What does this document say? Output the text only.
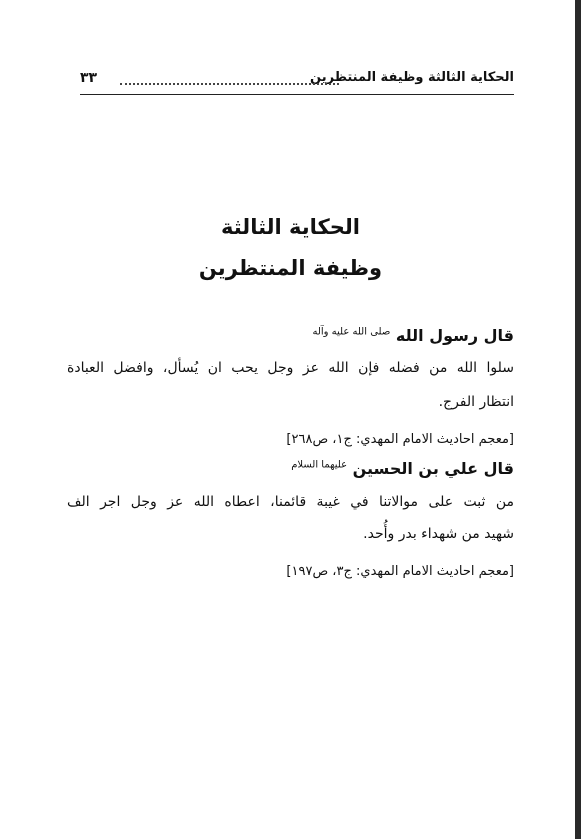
الحكاية الثالثة وظيفة المنتظرين
٣٣
الحكاية الثالثة
وظيفة المنتظرين
قال رسول الله $^{صلى الله عليه وآله}$
سلوا الله من فضله فإن الله عز وجل يحب ان يُسأل، وافضل العبادة
انتظار الفرج.
[معجم احاديث الامام المهدي: ج١، ص٢٦٨]
قال علي بن الحسين $^{عليهما السلام}$
من ثبت على موالاتنا في غيبة قائمنا، اعطاه الله عز وجل اجر الف
شهيد من شهداء بدر وأُحد.
[معجم احاديث الامام المهدي: ج٣، ص١٩٧]
